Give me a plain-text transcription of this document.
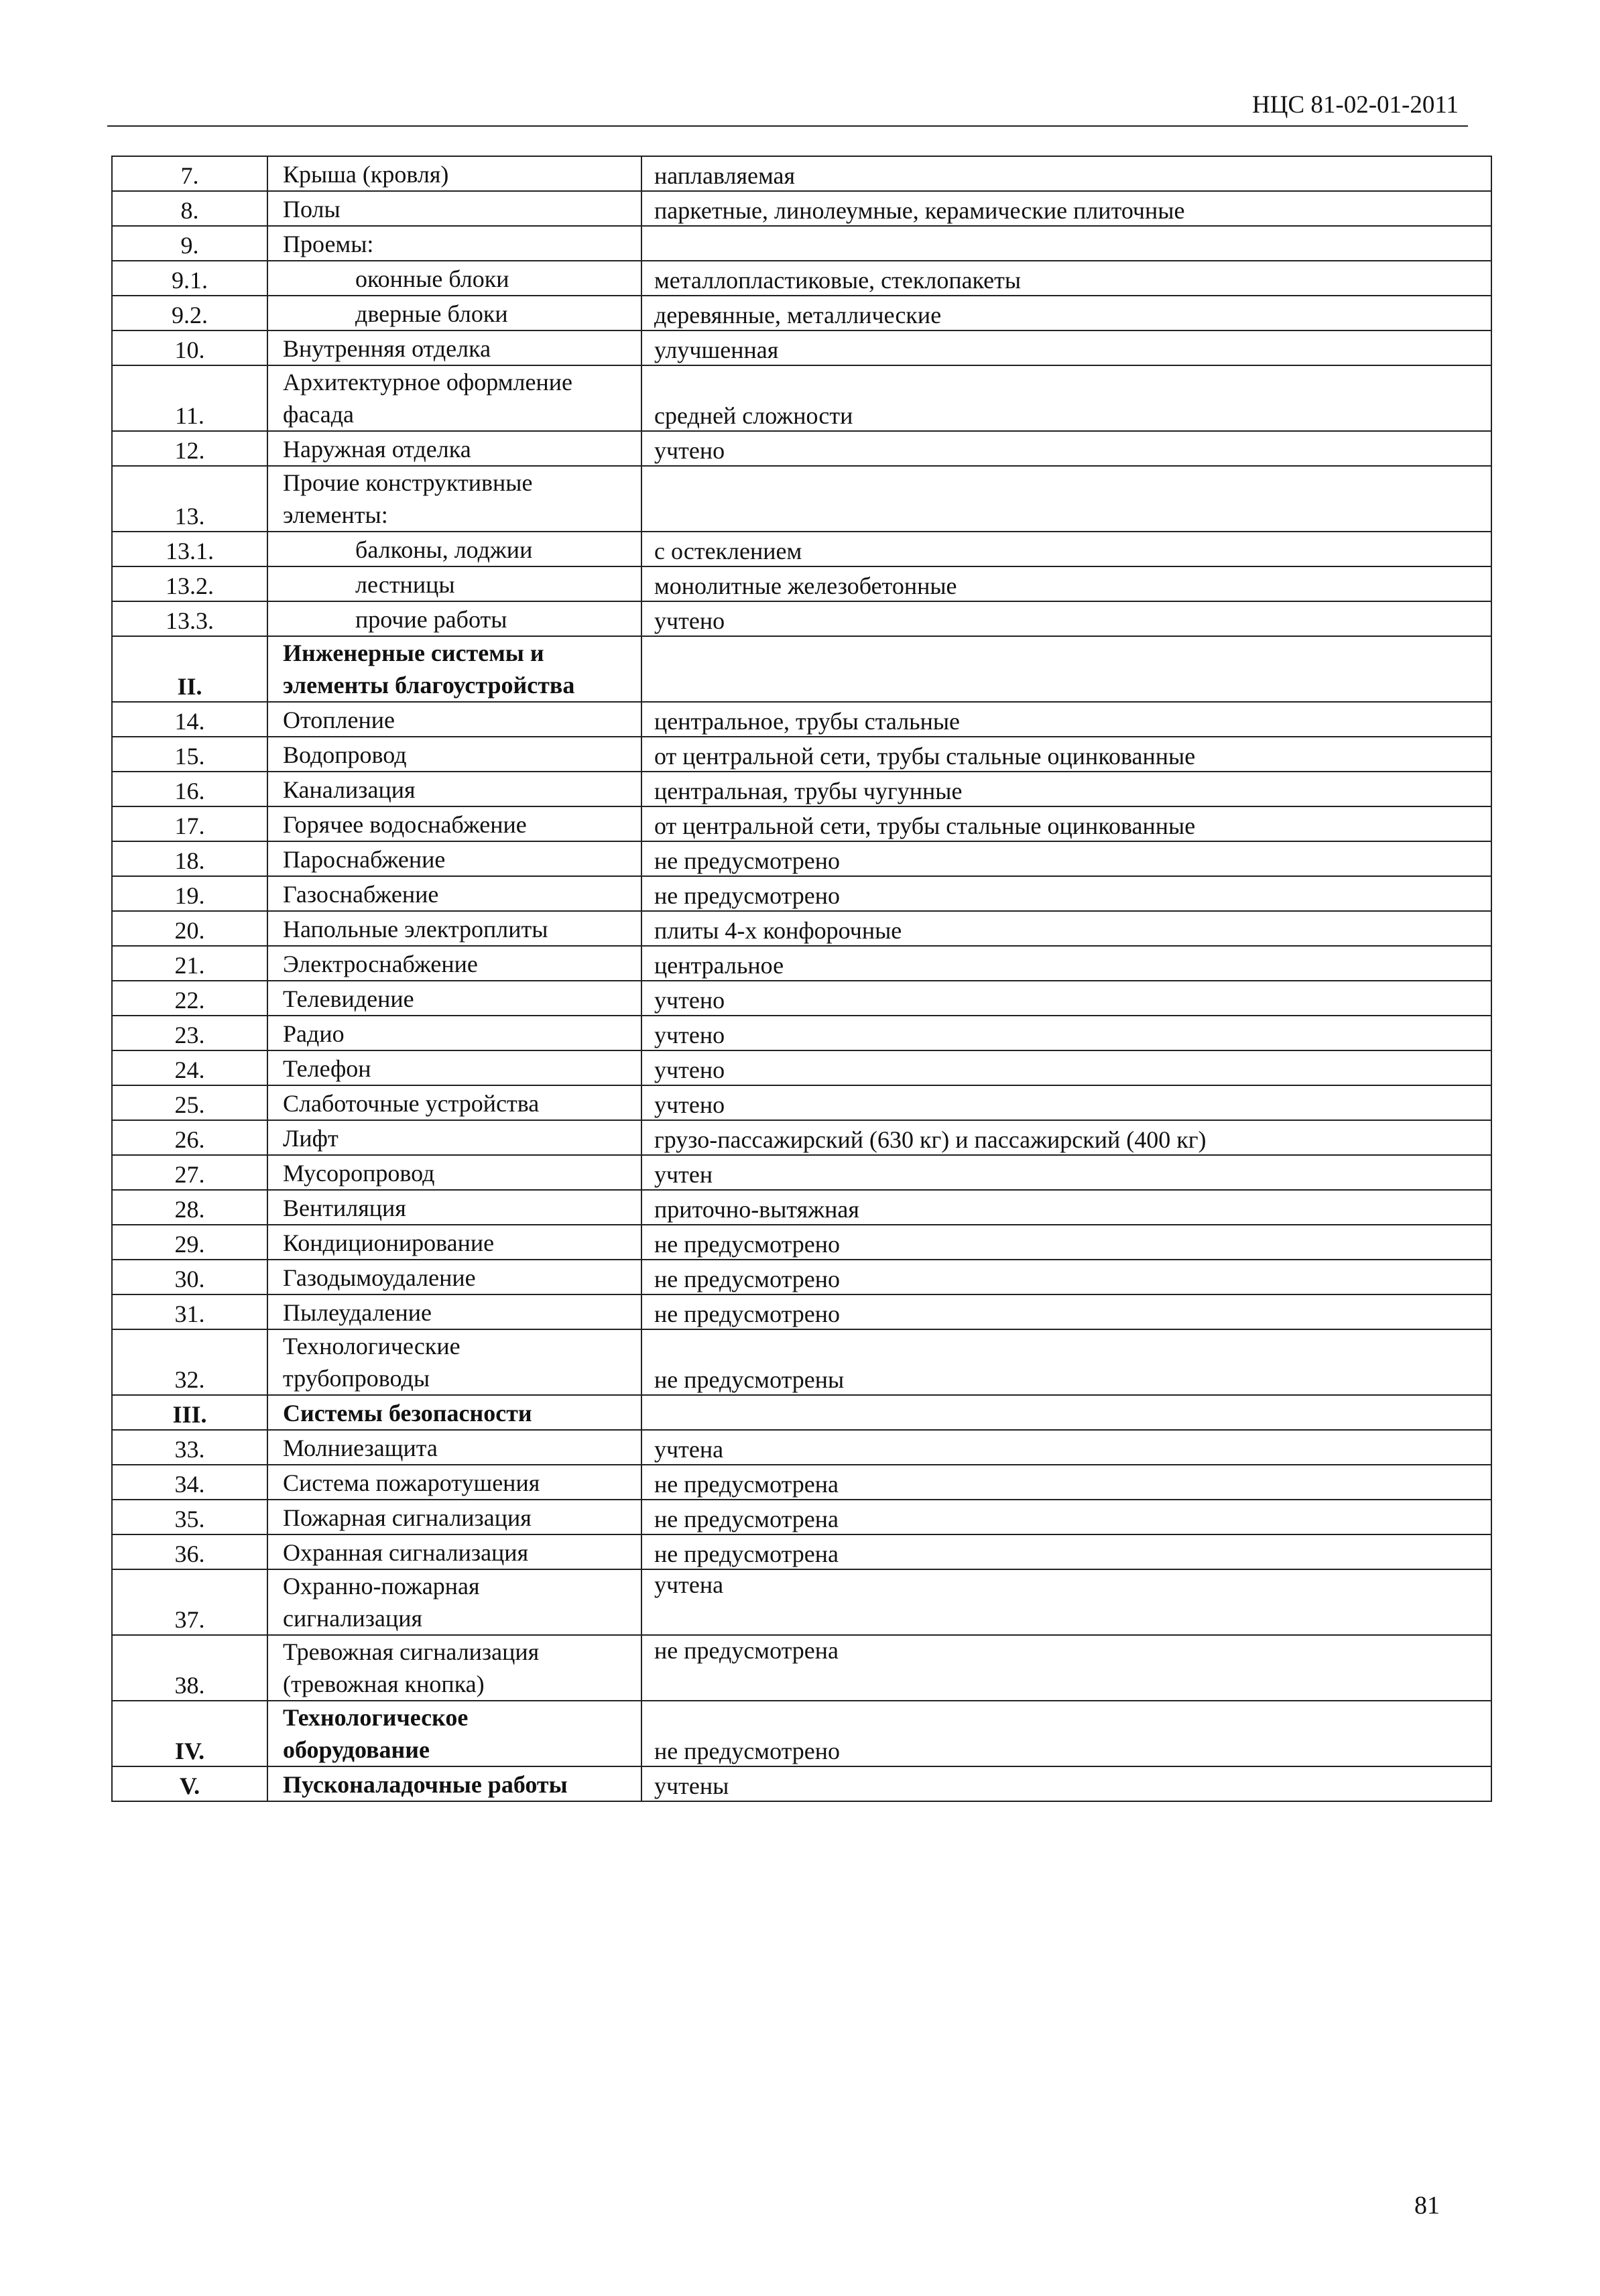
НЦС 81-02-01-2011
7.	Крыша (кровля)	наплавляемая
8.	Полы	паркетные, линолеумные, керамические плиточные
9.	Проемы:	

9.1.	оконные блоки	металлопластиковые, стеклопакеты
9.2.	дверные блоки	деревянные, металлические
10.	Внутренняя отделка	улучшенная
11.	Архитектурное оформление
фасада	средней сложности
12.	Наружная отделка	учтено
13.	Прочие конструктивные
элементы:	

13.1.	балконы, лоджии	с остеклением
13.2.	лестницы	монолитные железобетонные
13.3.	прочие работы	учтено
II.	Инженерные системы и
элементы благоустройства	

14.	Отопление	центральное, трубы стальные
15.	Водопровод	от центральной сети, трубы стальные оцинкованные
16.	Канализация	центральная, трубы чугунные
17.	Горячее водоснабжение	от центральной сети, трубы стальные оцинкованные
18.	Пароснабжение	не предусмотрено
19.	Газоснабжение	не предусмотрено
20.	Напольные электроплиты	плиты 4-х конфорочные
21.	Электроснабжение	центральное
22.	Телевидение	учтено
23.	Радио	учтено
24.	Телефон	учтено
25.	Слаботочные устройства	учтено
26.	Лифт	грузо-пассажирский (630 кг) и пассажирский (400 кг)
27.	Мусоропровод	учтен
28.	Вентиляция	приточно-вытяжная
29.	Кондиционирование	не предусмотрено
30.	Газодымоудаление	не предусмотрено
31.	Пылеудаление	не предусмотрено
32.	Технологические
трубопроводы	не предусмотрены
III.	Системы безопасности	

33.	Молниезащита	учтена
34.	Система пожаротушения	не предусмотрена
35.	Пожарная сигнализация	не предусмотрена
36.	Охранная сигнализация	не предусмотрена
37.	Охранно-пожарная
сигнализация	учтена
38.	Тревожная сигнализация
(тревожная кнопка)	не предусмотрена
IV.	Технологическое
оборудование	не предусмотрено
V.	Пусконаладочные работы	учтены
81
